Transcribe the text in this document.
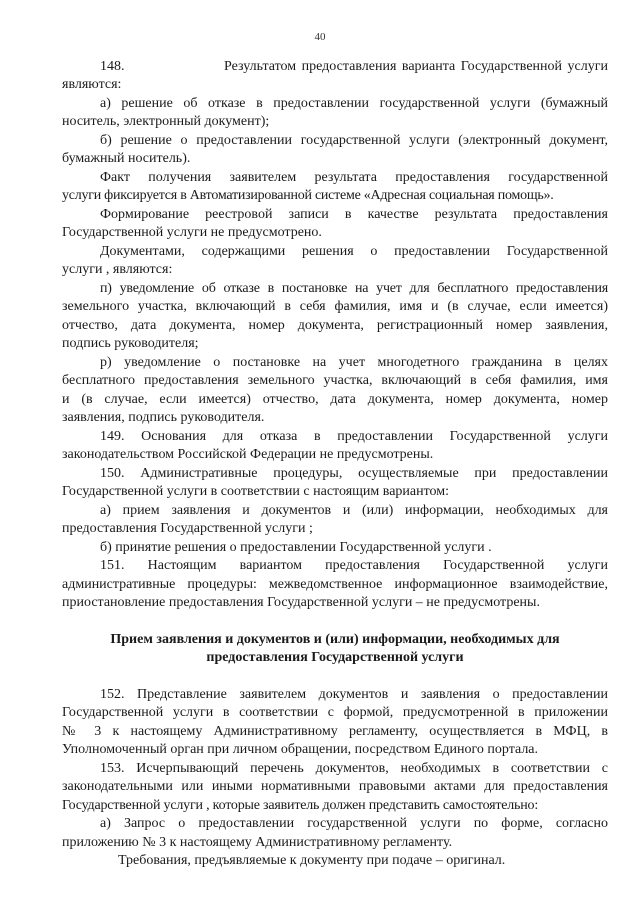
40
148.	Результатом предоставления варианта Государственной услуги
являются:
а) решение об отказе в предоставлении государственной услуги (бумажный
носитель, электронный документ);
б) решение о предоставлении государственной услуги (электронный документ,
бумажный носитель).
Факт получения заявителем результата предоставления государственной
услуги фиксируется в Автоматизированной системе «Адресная социальная помощь».
Формирование реестровой записи в качестве результата предоставления
Государственной услуги не предусмотрено.
Документами, содержащими решения о предоставлении Государственной
услуги , являются:
п) уведомление об отказе в постановке на учет для бесплатного предоставления
земельного участка, включающий в себя фамилия, имя и (в случае, если имеется)
отчество, дата документа, номер документа, регистрационный номер заявления,
подпись руководителя;
р) уведомление о постановке на учет многодетного гражданина в целях
бесплатного предоставления земельного участка, включающий в себя фамилия, имя
и (в случае, если имеется) отчество, дата документа, номер документа, номер
заявления, подпись руководителя.
149. Основания для отказа в предоставлении Государственной услуги
законодательством Российской Федерации не предусмотрены.
150. Административные процедуры, осуществляемые при предоставлении
Государственной услуги в соответствии с настоящим вариантом:
а) прием заявления и документов и (или) информации, необходимых для
предоставления Государственной услуги ;
б) принятие решения о предоставлении Государственной услуги .
151. Настоящим вариантом предоставления Государственной услуги
административные процедуры: межведомственное информационное взаимодействие,
приостановление предоставления Государственной услуги – не предусмотрены.
Прием заявления и документов и (или) информации, необходимых для
предоставления Государственной услуги
152. Представление заявителем документов и заявления о предоставлении
Государственной услуги в соответствии с формой, предусмотренной в приложении
№ 3 к настоящему Административному регламенту, осуществляется в МФЦ, в
Уполномоченный орган при личном обращении, посредством Единого портала.
153. Исчерпывающий перечень документов, необходимых в соответствии с
законодательными или иными нормативными правовыми актами для предоставления
Государственной услуги , которые заявитель должен представить самостоятельно:
а) Запрос о предоставлении государственной услуги по форме, согласно
приложению № 3 к настоящему Административному регламенту.
Требования, предъявляемые к документу при подаче – оригинал.
